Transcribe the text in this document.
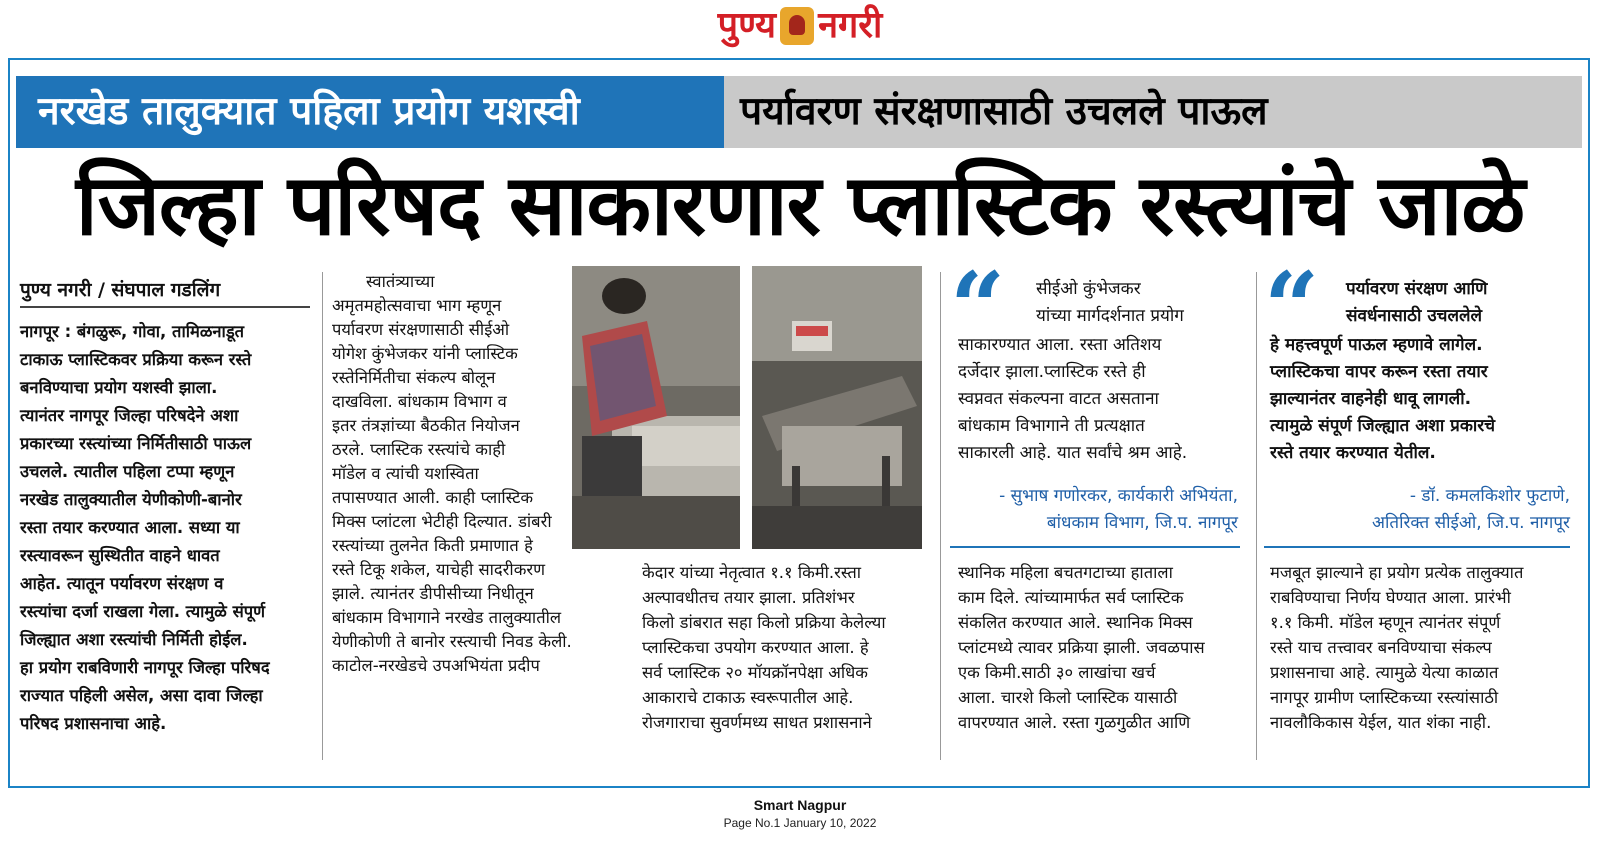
पुण्य नगरी
नरखेड तालुक्यात पहिला प्रयोग यशस्वी	पर्यावरण संरक्षणासाठी उचलले पाऊल
जिल्हा परिषद साकारणार प्लास्टिक रस्त्यांचे जाळे
पुण्य नगरी / संघपाल गडलिंग
नागपूर : बंगळुरू, गोवा, तामिळनाडूत
टाकाऊ प्लास्टिकवर प्रक्रिया करून रस्ते
बनविण्याचा प्रयोग यशस्वी झाला.
त्यानंतर नागपूर जिल्हा परिषदेने अशा
प्रकारच्या रस्त्यांच्या निर्मितीसाठी पाऊल
उचलले. त्यातील पहिला टप्पा म्हणून
नरखेड तालुक्यातील येणीकोणी-बानोर
रस्ता तयार करण्यात आला. सध्या या
रस्त्यावरून सुस्थितीत वाहने धावत
आहेत. त्यातून पर्यावरण संरक्षण व
रस्त्यांचा दर्जा राखला गेला. त्यामुळे संपूर्ण
जिल्ह्यात अशा रस्त्यांची निर्मिती होईल.
हा प्रयोग राबविणारी नागपूर जिल्हा परिषद
राज्यात पहिली असेल, असा दावा जिल्हा
परिषद प्रशासनाचा आहे.
स्वातंत्र्याच्या
अमृतमहोत्सवाचा भाग म्हणून
पर्यावरण संरक्षणासाठी सीईओ
योगेश कुंभेजकर यांनी प्लास्टिक
रस्तेनिर्मितीचा संकल्प बोलून
दाखविला. बांधकाम विभाग व
इतर तंत्रज्ञांच्या बैठकीत नियोजन
ठरले. प्लास्टिक रस्त्यांचे काही
मॉडेल व त्यांची यशस्विता
तपासण्यात आली. काही प्लास्टिक
मिक्स प्लांटला भेटीही दिल्यात. डांबरी
रस्त्यांच्या तुलनेत किती प्रमाणात हे
रस्ते टिकू शकेल, याचेही सादरीकरण
झाले. त्यानंतर डीपीसीच्या निधीतून
बांधकाम विभागाने नरखेड तालुक्यातील
येणीकोणी ते बानोर रस्त्याची निवड केली.
काटोल-नरखेडचे उपअभियंता प्रदीप
केदार यांच्या नेतृत्वात १.१ किमी.रस्ता
अल्पावधीतच तयार झाला. प्रतिशंभर
किलो डांबरात सहा किलो प्रक्रिया केलेल्या
प्लास्टिकचा उपयोग करण्यात आला. हे
सर्व प्लास्टिक २० मॉयक्रॉनपेक्षा अधिक
आकाराचे टाकाऊ स्वरूपातील आहे.
रोजगाराचा सुवर्णमध्य साधत प्रशासनाने
“ सीईओ कुंभेजकर
यांच्या मार्गदर्शनात प्रयोग
साकारण्यात आला. रस्ता अतिशय
दर्जेदार झाला.प्लास्टिक रस्ते ही
स्वप्नवत संकल्पना वाटत असताना
बांधकाम विभागाने ती प्रत्यक्षात
साकारली आहे. यात सर्वांचे श्रम आहे.
- सुभाष गणोरकर, कार्यकारी अभियंता,
बांधकाम विभाग, जि.प. नागपूर
स्थानिक महिला बचतगटाच्या हाताला
काम दिले. त्यांच्यामार्फत सर्व प्लास्टिक
संकलित करण्यात आले. स्थानिक मिक्स
प्लांटमध्ये त्यावर प्रक्रिया झाली. जवळपास
एक किमी.साठी ३० लाखांचा खर्च
आला. चारशे किलो प्लास्टिक यासाठी
वापरण्यात आले. रस्ता गुळगुळीत आणि
“ पर्यावरण संरक्षण आणि
संवर्धनासाठी उचललेले
हे महत्त्वपूर्ण पाऊल म्हणावे लागेल.
प्लास्टिकचा वापर करून रस्ता तयार
झाल्यानंतर वाहनेही धावू लागली.
त्यामुळे संपूर्ण जिल्ह्यात अशा प्रकारचे
रस्ते तयार करण्यात येतील.
- डॉ. कमलकिशोर फुटाणे,
अतिरिक्त सीईओ, जि.प. नागपूर
मजबूत झाल्याने हा प्रयोग प्रत्येक तालुक्यात
राबविण्याचा निर्णय घेण्यात आला. प्रारंभी
१.१ किमी. मॉडेल म्हणून त्यानंतर संपूर्ण
रस्ते याच तत्त्वावर बनविण्याचा संकल्प
प्रशासनाचा आहे. त्यामुळे येत्या काळात
नागपूर ग्रामीण प्लास्टिकच्या रस्त्यांसाठी
नावलौकिकास येईल, यात शंका नाही.
Smart Nagpur
Page No.1 January 10, 2022
